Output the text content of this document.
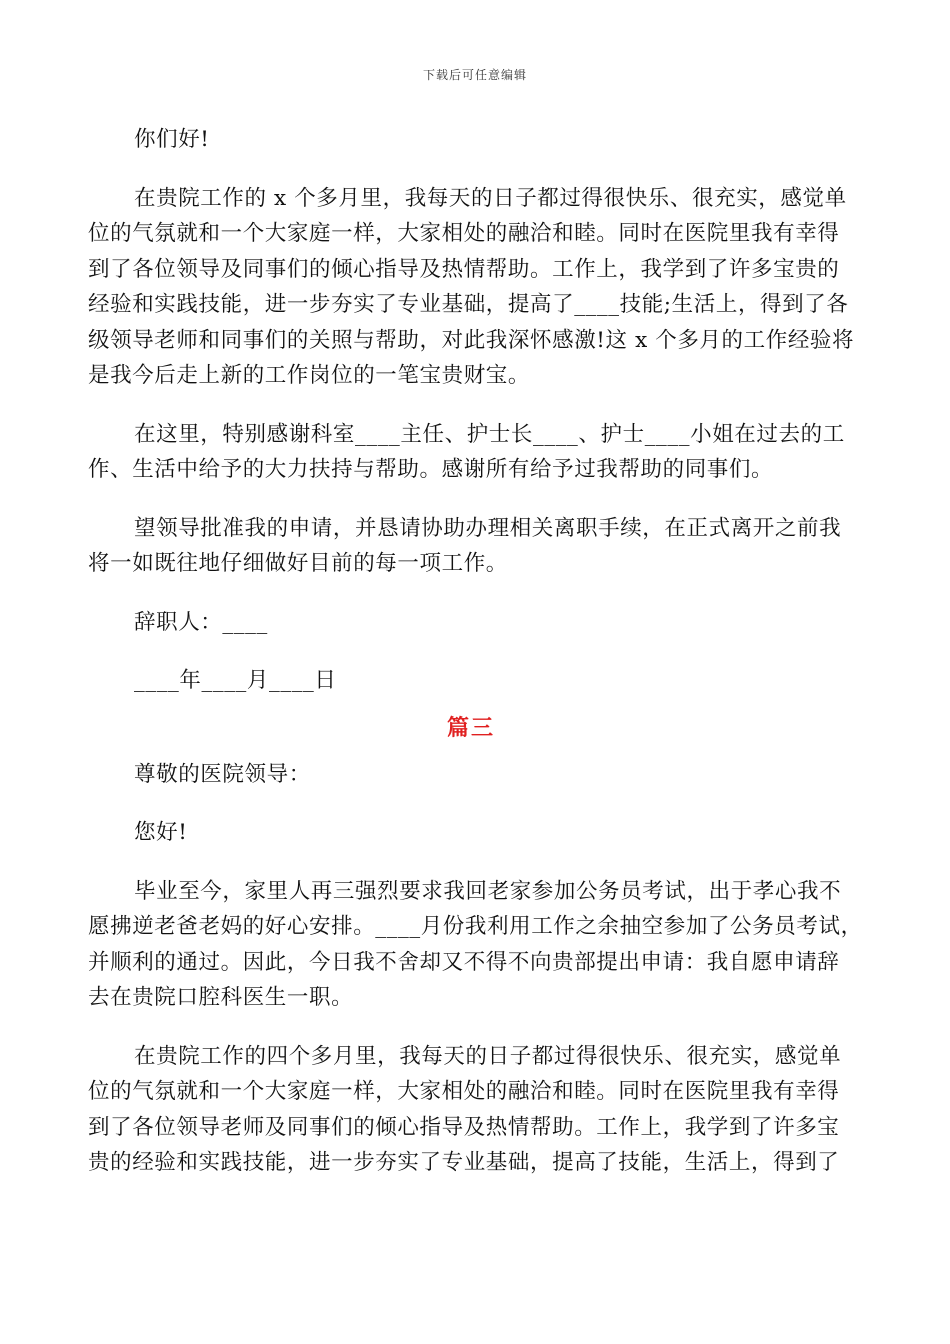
下载后可任意编辑
你们好!
在贵院工作的 x 个多月里，我每天的日子都过得很快乐、很充实，感觉单
位的气氛就和一个大家庭一样，大家相处的融洽和睦。同时在医院里我有幸得
到了各位领导及同事们的倾心指导及热情帮助。工作上，我学到了许多宝贵的
经验和实践技能，进一步夯实了专业基础，提高了____技能;生活上，得到了各
级领导老师和同事们的关照与帮助，对此我深怀感激!这 x 个多月的工作经验将
是我今后走上新的工作岗位的一笔宝贵财宝。
在这里，特别感谢科室____主任、护士长____、护士____小姐在过去的工
作、生活中给予的大力扶持与帮助。感谢所有给予过我帮助的同事们。
望领导批准我的申请，并恳请协助办理相关离职手续，在正式离开之前我
将一如既往地仔细做好目前的每一项工作。
辞职人：____
____年____月____日
篇三
尊敬的医院领导：
您好!
毕业至今，家里人再三强烈要求我回老家参加公务员考试，出于孝心我不
愿拂逆老爸老妈的好心安排。____月份我利用工作之余抽空参加了公务员考试，
并顺利的通过。因此，今日我不舍却又不得不向贵部提出申请：我自愿申请辞
去在贵院口腔科医生一职。
在贵院工作的四个多月里，我每天的日子都过得很快乐、很充实，感觉单
位的气氛就和一个大家庭一样，大家相处的融洽和睦。同时在医院里我有幸得
到了各位领导老师及同事们的倾心指导及热情帮助。工作上，我学到了许多宝
贵的经验和实践技能，进一步夯实了专业基础，提高了技能，生活上，得到了
